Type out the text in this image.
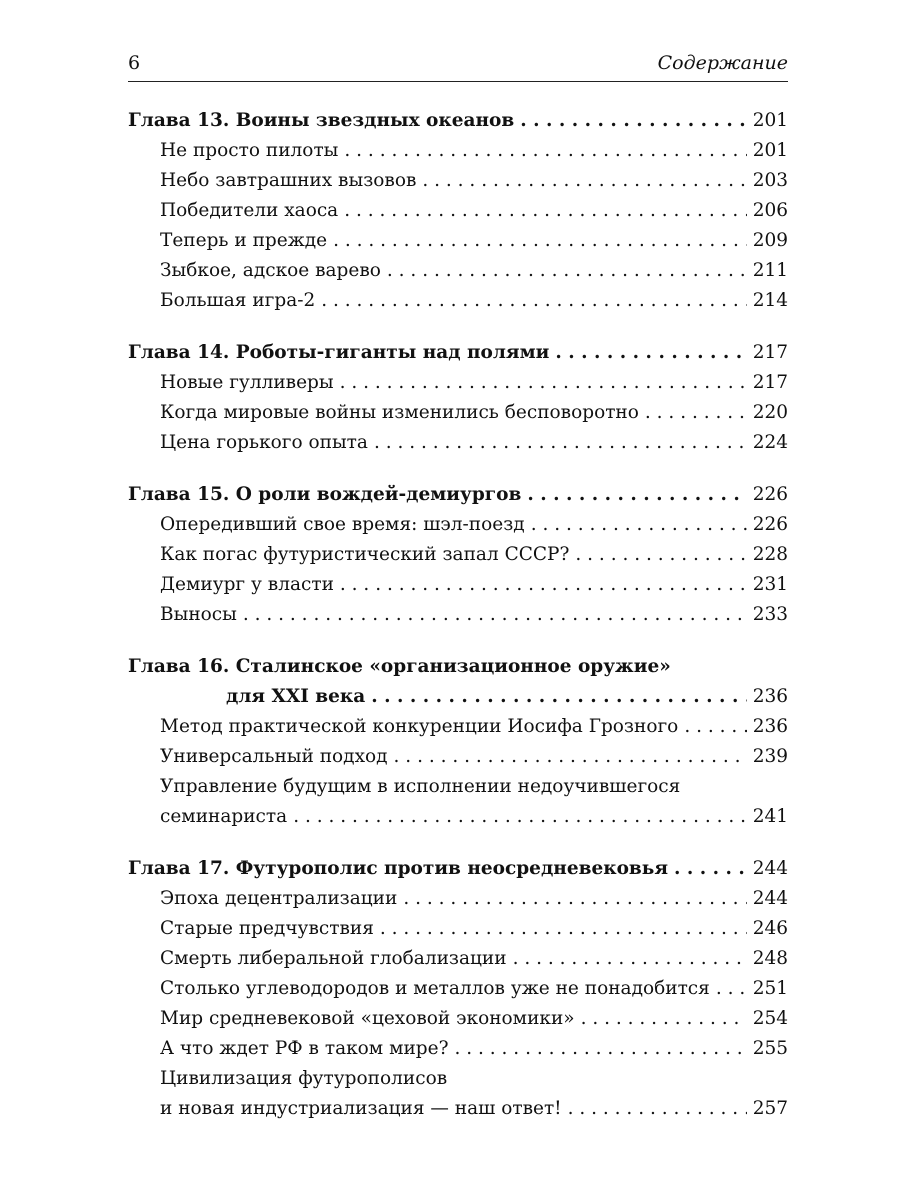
6	Содержание
Глава 13. Воины звездных океанов . . .	201
Не просто пилоты . . .	201
Небо завтрашних вызовов . . .	203
Победители хаоса . . .	206
Теперь и прежде . . .	209
Зыбкое, адское варево . . .	211
Большая игра-2 . . .	214
Глава 14. Роботы-гиганты над полями . . .	217
Новые гулливеры . . .	217
Когда мировые войны изменились бесповоротно . . .	220
Цена горького опыта . . .	224
Глава 15. О роли вождей-демиургов . . .	226
Опередивший свое время: шэл-поезд . . .	226
Как погас футуристический запал СССР? . . .	228
Демиург у власти . . .	231
Выносы . . .	233
Глава 16. Сталинское «организационное оружие»
для XXI века . . .	236
Метод практической конкуренции Иосифа Грозного . . .	236
Универсальный подход . . .	239
Управление будущим в исполнении недоучившегося
семинариста . . .	241
Глава 17. Футурополис против неосредневековья . . .	244
Эпоха децентрализации . . .	244
Старые предчувствия . . .	246
Смерть либеральной глобализации . . .	248
Столько углеводородов и металлов уже не понадобится . . . 251
Мир средневековой «цеховой экономики» . . .	254
А что ждет РФ в таком мире? . . .	255
Цивилизация футурополисов
и новая индустриализация — наш ответ! . . .	257
